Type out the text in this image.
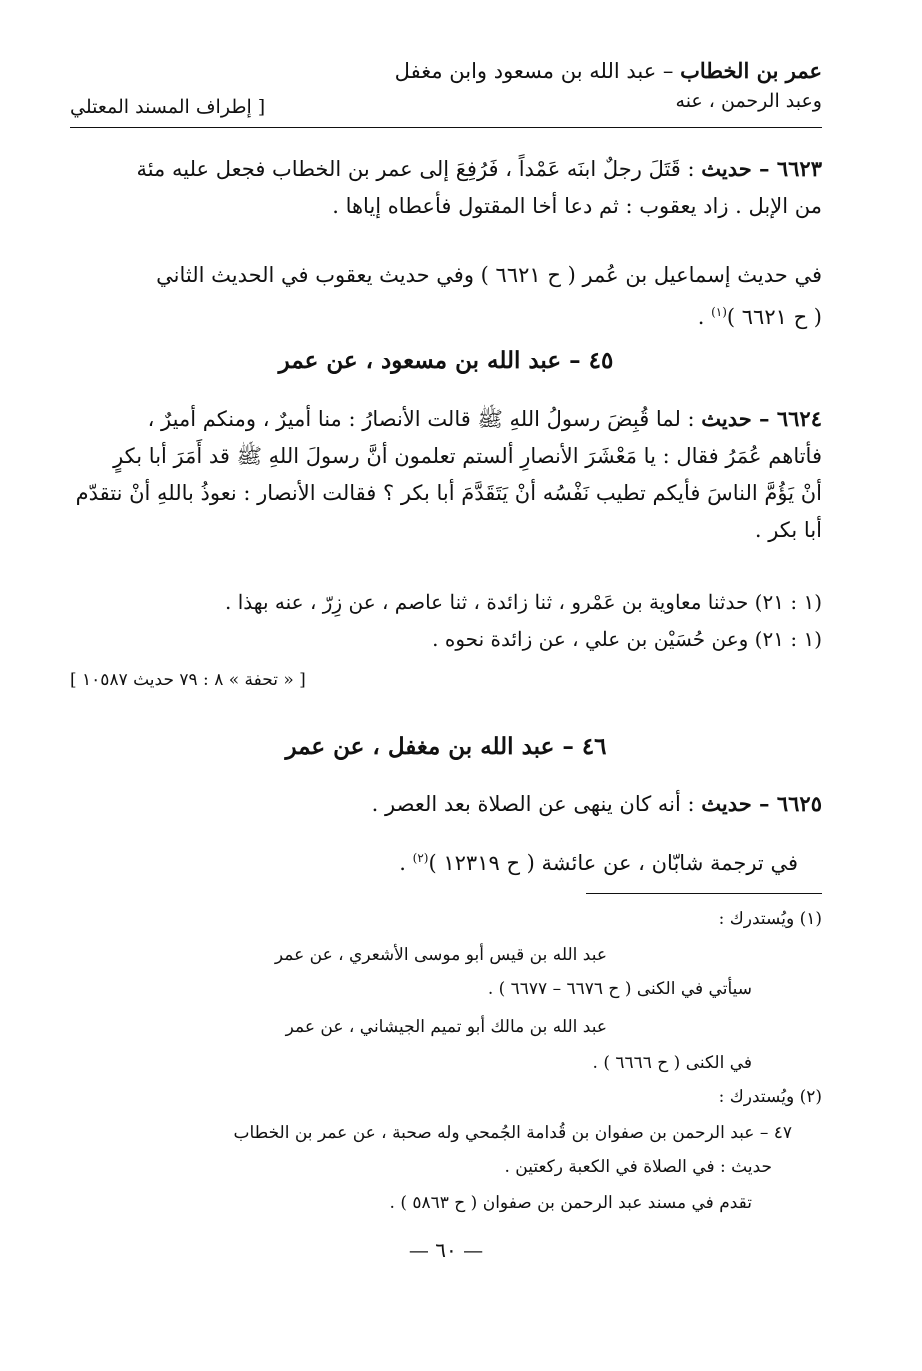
عمر بن الخطاب – عبد الله بن مسعود وابن مغفل
وعبد الرحمن ، عنه
[ إطراف المسند المعتلي
٦٦٢٣ – حديث : قَتَلَ رجلٌ ابنَه عَمْداً ، فَرُفِعَ إلى عمر بن الخطاب فجعل عليه مئة
من الإبل . زاد يعقوب : ثم دعا أخا المقتول فأعطاه إياها .
في حديث إسماعيل بن عُمر ( ح ٦٦٢١ ) وفي حديث يعقوب في الحديث الثاني
( ح ٦٦٢١ )$^{(١)}$ .
٤٥ – عبد الله بن مسعود ، عن عمر
٦٦٢٤ – حديث : لما قُبِضَ رسولُ اللهِ ﷺ قالت الأنصارُ : منا أميرٌ ، ومنكم أميرٌ ،
فأتاهم عُمَرُ فقال : يا مَعْشَرَ الأنصارِ ألستم تعلمون أنَّ رسولَ اللهِ ﷺ قد أَمَرَ أبا بكرٍ
أنْ يَؤُمَّ الناسَ فأيكم تطيب نَفْسُه أنْ يَتَقَدَّمَ أبا بكر ؟ فقالت الأنصار : نعوذُ باللهِ أنْ نتقدّم
أبا بكر .
(١ : ٢١) حدثنا معاوية بن عَمْرو ، ثنا زائدة ، ثنا عاصم ، عن زِرّ ، عنه بهذا .
(١ : ٢١) وعن حُسَيْن بن علي ، عن زائدة نحوه .
[ « تحفة » ٨ : ٧٩ حديث ١٠٥٨٧ ]
٤٦ – عبد الله بن مغفل ، عن عمر
٦٦٢٥ – حديث : أنه كان ينهى عن الصلاة بعد العصر .
في ترجمة شابّان ، عن عائشة ( ح ١٢٣١٩ )$^{(٢)}$ .
(١) ويُستدرك :
عبد الله بن قيس أبو موسى الأشعري ، عن عمر
سيأتي في الكنى ( ح ٦٦٧٦ – ٦٦٧٧ ) .
عبد الله بن مالك أبو تميم الجيشاني ، عن عمر
في الكنى ( ح ٦٦٦٦ ) .
(٢) ويُستدرك :
٤٧ – عبد الرحمن بن صفوان بن قُدامة الجُمحي وله صحبة ، عن عمر بن الخطاب
حديث : في الصلاة في الكعبة ركعتين .
تقدم في مسند عبد الرحمن بن صفوان ( ح ٥٨٦٣ ) .
— ٦٠ —
